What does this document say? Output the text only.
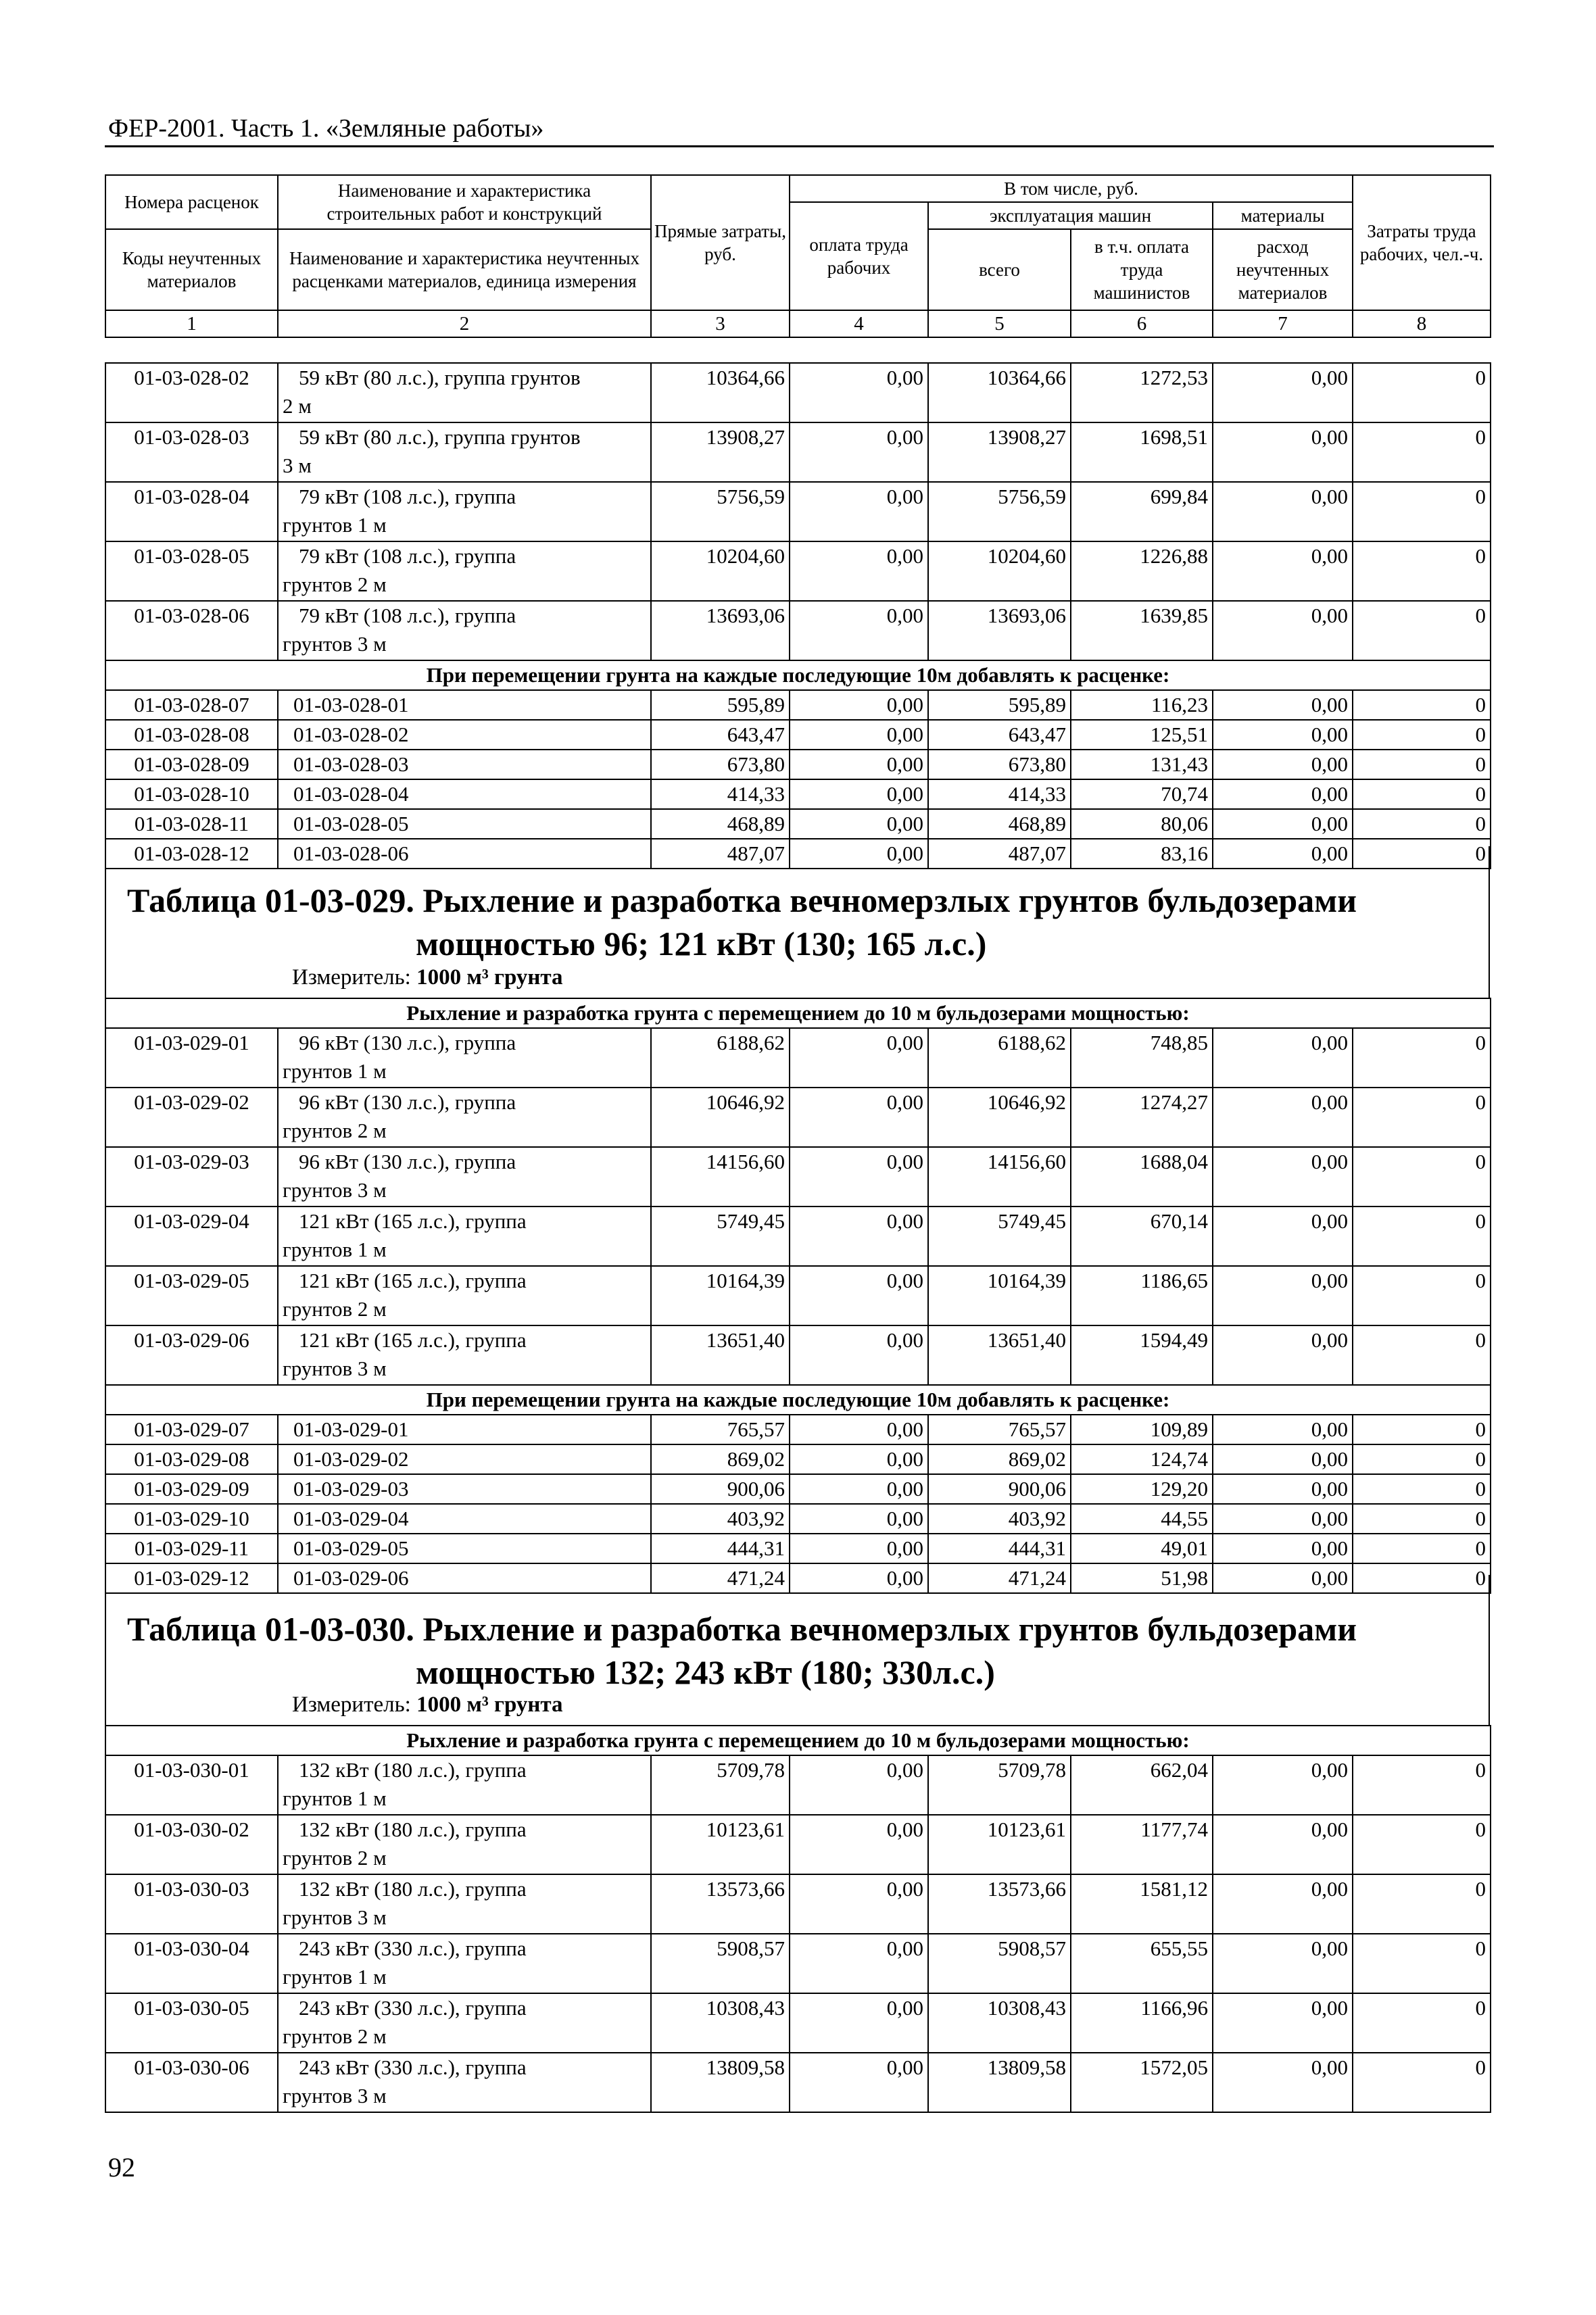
ФЕР-2001. Часть 1. «Земляные работы»
Номера расценок	Наименование и характеристика строительных работ и конструкций	Прямые затраты, руб.	В том числе, руб.				Затраты труда рабочих, чел.-ч.
			оплата труда рабочих	эксплуатация машин		материалы	
Коды неучтенных материалов	Наименование и характеристика неучтенных расценками материалов, единица измерения			всего	в т.ч. оплата труда машинистов	расход неучтенных материалов	

1	2	3	4	5	6	7	8
01-03-028-02	59 кВт (80 л.с.), группа грунтов
2 м	10364,66	0,00	10364,66	1272,53	0,00	0
01-03-028-03	59 кВт (80 л.с.), группа грунтов
3 м	13908,27	0,00	13908,27	1698,51	0,00	0
01-03-028-04	79 кВт (108 л.с.), группа
грунтов 1 м	5756,59	0,00	5756,59	699,84	0,00	0
01-03-028-05	79 кВт (108 л.с.), группа
грунтов 2 м	10204,60	0,00	10204,60	1226,88	0,00	0
01-03-028-06	79 кВт (108 л.с.), группа
грунтов 3 м	13693,06	0,00	13693,06	1639,85	0,00	0
При перемещении грунта на каждые последующие 10м добавлять к расценке:							
01-03-028-07	01-03-028-01	595,89	0,00	595,89	116,23	0,00	0
01-03-028-08	01-03-028-02	643,47	0,00	643,47	125,51	0,00	0
01-03-028-09	01-03-028-03	673,80	0,00	673,80	131,43	0,00	0
01-03-028-10	01-03-028-04	414,33	0,00	414,33	70,74	0,00	0
01-03-028-11	01-03-028-05	468,89	0,00	468,89	80,06	0,00	0
01-03-028-12	01-03-028-06	487,07	0,00	487,07	83,16	0,00	0
Таблица 01-03-029. Рыхление и разработка вечномерзлых грунтов бульдозерами
мощностью 96; 121 кВт (130; 165 л.с.)
Измеритель: 1000 м³ грунта
Рыхление и разработка грунта с перемещением до 10 м бульдозерами мощностью:							
01-03-029-01	96 кВт (130 л.с.), группа
грунтов 1 м	6188,62	0,00	6188,62	748,85	0,00	0
01-03-029-02	96 кВт (130 л.с.), группа
грунтов 2 м	10646,92	0,00	10646,92	1274,27	0,00	0
01-03-029-03	96 кВт (130 л.с.), группа
грунтов 3 м	14156,60	0,00	14156,60	1688,04	0,00	0
01-03-029-04	121 кВт (165 л.с.), группа
грунтов 1 м	5749,45	0,00	5749,45	670,14	0,00	0
01-03-029-05	121 кВт (165 л.с.), группа
грунтов 2 м	10164,39	0,00	10164,39	1186,65	0,00	0
01-03-029-06	121 кВт (165 л.с.), группа
грунтов 3 м	13651,40	0,00	13651,40	1594,49	0,00	0
При перемещении грунта на каждые последующие 10м добавлять к расценке:							
01-03-029-07	01-03-029-01	765,57	0,00	765,57	109,89	0,00	0
01-03-029-08	01-03-029-02	869,02	0,00	869,02	124,74	0,00	0
01-03-029-09	01-03-029-03	900,06	0,00	900,06	129,20	0,00	0
01-03-029-10	01-03-029-04	403,92	0,00	403,92	44,55	0,00	0
01-03-029-11	01-03-029-05	444,31	0,00	444,31	49,01	0,00	0
01-03-029-12	01-03-029-06	471,24	0,00	471,24	51,98	0,00	0
Таблица 01-03-030. Рыхление и разработка вечномерзлых грунтов бульдозерами
мощностью 132; 243 кВт (180; 330л.с.)
Измеритель: 1000 м³ грунта
Рыхление и разработка грунта с перемещением до 10 м бульдозерами мощностью:							
01-03-030-01	132 кВт (180 л.с.), группа
грунтов 1 м	5709,78	0,00	5709,78	662,04	0,00	0
01-03-030-02	132 кВт (180 л.с.), группа
грунтов 2 м	10123,61	0,00	10123,61	1177,74	0,00	0
01-03-030-03	132 кВт (180 л.с.), группа
грунтов 3 м	13573,66	0,00	13573,66	1581,12	0,00	0
01-03-030-04	243 кВт (330 л.с.), группа
грунтов 1 м	5908,57	0,00	5908,57	655,55	0,00	0
01-03-030-05	243 кВт (330 л.с.), группа
грунтов 2 м	10308,43	0,00	10308,43	1166,96	0,00	0
01-03-030-06	243 кВт (330 л.с.), группа
грунтов 3 м	13809,58	0,00	13809,58	1572,05	0,00	0
92
